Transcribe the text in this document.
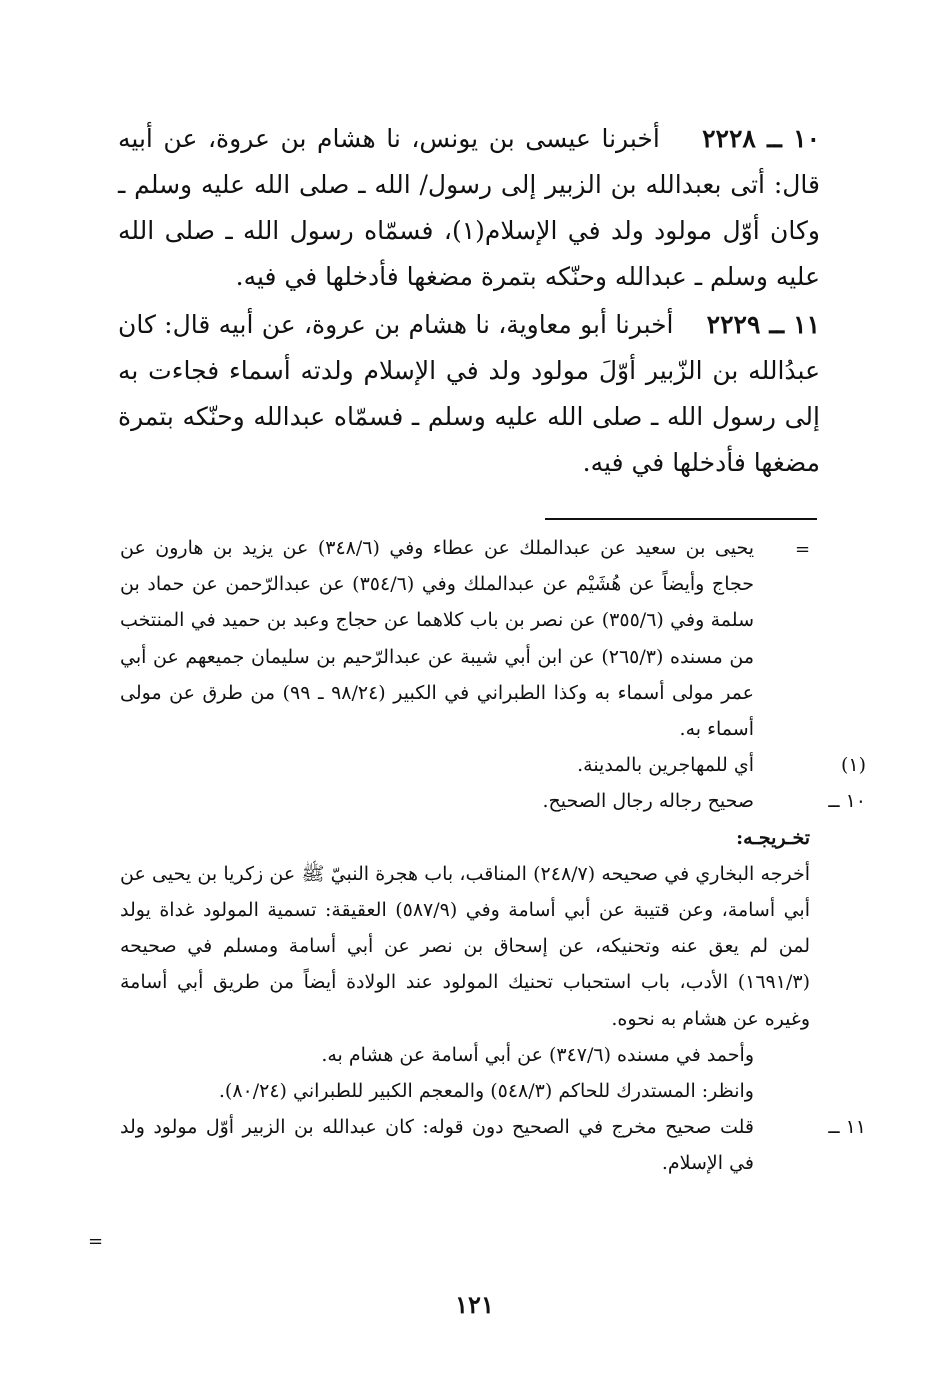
١٠ ــ ٢٢٢٨    أخبرنا عيسى بن يونس، نا هشام بن عروة، عن أبيه قال: أتى بعبدالله بن الزبير إلى رسول/ الله ـ صلى الله عليه وسلم ـ وكان أوّل مولود ولد في الإسلام(١)، فسمّاه رسول الله ـ صلى الله عليه وسلم ـ عبدالله وحنّكه بتمرة مضغها فأدخلها في فيه.

١١ ــ ٢٢٢٩    أخبرنا أبو معاوية، نا هشام بن عروة، عن أبيه قال: كان عبدُالله بن الزّبير أوّلَ مولود ولد في الإسلام ولدته أسماء فجاءت به إلى رسول الله ـ صلى الله عليه وسلم ـ فسمّاه عبدالله وحنّكه بتمرة مضغها فأدخلها في فيه.

=

يحيى بن سعيد عن عبدالملك عن عطاء وفي (٣٤٨/٦) عن يزيد بن هارون عن حجاج وأيضاً عن هُشَيْم عن عبدالملك وفي (٣٥٤/٦) عن عبدالرّحمن عن حماد بن سلمة وفي (٣٥٥/٦) عن نصر بن باب كلاهما عن حجاج وعبد بن حميد في المنتخب من مسنده (٢٦٥/٣) عن ابن أبي شيبة عن عبدالرّحيم بن سليمان جميعهم عن أبي عمر مولى أسماء به وكذا الطبراني في الكبير (٩٨/٢٤ ـ ٩٩) من طرق عن مولى أسماء به.

(١)أي للمهاجرين بالمدينة.

١٠ ــصحيح رجاله رجال الصحيح.

تخـريجـه:

أخرجه البخاري في صحيحه (٢٤٨/٧) المناقب، باب هجرة النبيّ ﷺ عن زكريا بن يحيى عن أبي أسامة، وعن قتيبة عن أبي أسامة وفي (٥٨٧/٩) العقيقة: تسمية المولود غداة يولد لمن لم يعق عنه وتحنيكه، عن إسحاق بن نصر عن أبي أسامة ومسلم في صحيحه (١٦٩١/٣) الأدب، باب استحباب تحنيك المولود عند الولادة أيضاً من طريق أبي أسامة وغيره عن هشام به نحوه.

وأحمد في مسنده (٣٤٧/٦) عن أبي أسامة عن هشام به.

وانظر: المستدرك للحاكم (٥٤٨/٣) والمعجم الكبير للطبراني (٨٠/٢٤).

١١ ــقلت صحيح مخرج في الصحيح دون قوله: كان عبدالله بن الزبير أوّل مولود ولد في الإسلام.

=
١٢١
